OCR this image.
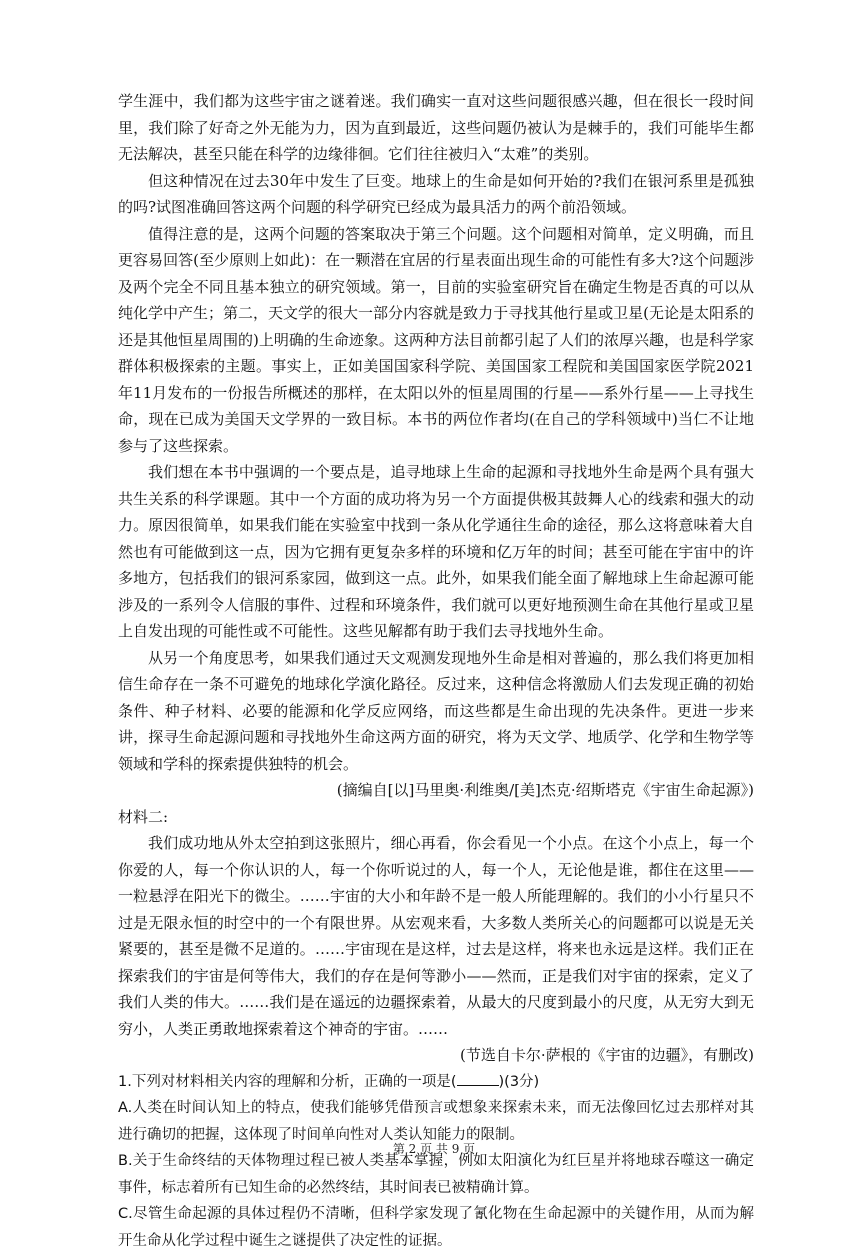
学生涯中，我们都为这些宇宙之谜着迷。我们确实一直对这些问题很感兴趣，但在很长一段时间里，我们除了好奇之外无能为力，因为直到最近，这些问题仍被认为是棘手的，我们可能毕生都无法解决，甚至只能在科学的边缘徘徊。它们往往被归入“太难”的类别。

但这种情况在过去30年中发生了巨变。地球上的生命是如何开始的?我们在银河系里是孤独的吗?试图准确回答这两个问题的科学研究已经成为最具活力的两个前沿领域。

值得注意的是，这两个问题的答案取决于第三个问题。这个问题相对简单，定义明确，而且更容易回答(至少原则上如此)：在一颗潜在宜居的行星表面出现生命的可能性有多大?这个问题涉及两个完全不同且基本独立的研究领域。第一，目前的实验室研究旨在确定生物是否真的可以从纯化学中产生；第二，天文学的很大一部分内容就是致力于寻找其他行星或卫星(无论是太阳系的还是其他恒星周围的)上明确的生命迹象。这两种方法目前都引起了人们的浓厚兴趣，也是科学家群体积极探索的主题。事实上，正如美国国家科学院、美国国家工程院和美国国家医学院2021年11月发布的一份报告所概述的那样，在太阳以外的恒星周围的行星——系外行星——上寻找生命，现在已成为美国天文学界的一致目标。本书的两位作者均(在自己的学科领域中)当仁不让地参与了这些探索。

我们想在本书中强调的一个要点是，追寻地球上生命的起源和寻找地外生命是两个具有强大共生关系的科学课题。其中一个方面的成功将为另一个方面提供极其鼓舞人心的线索和强大的动力。原因很简单，如果我们能在实验室中找到一条从化学通往生命的途径，那么这将意味着大自然也有可能做到这一点，因为它拥有更复杂多样的环境和亿万年的时间；甚至可能在宇宙中的许多地方，包括我们的银河系家园，做到这一点。此外，如果我们能全面了解地球上生命起源可能涉及的一系列令人信服的事件、过程和环境条件，我们就可以更好地预测生命在其他行星或卫星上自发出现的可能性或不可能性。这些见解都有助于我们去寻找地外生命。

从另一个角度思考，如果我们通过天文观测发现地外生命是相对普遍的，那么我们将更加相信生命存在一条不可避免的地球化学演化路径。反过来，这种信念将激励人们去发现正确的初始条件、种子材料、必要的能源和化学反应网络，而这些都是生命出现的先决条件。更进一步来讲，探寻生命起源问题和寻找地外生命这两方面的研究，将为天文学、地质学、化学和生物学等领域和学科的探索提供独特的机会。

(摘编自[以]马里奥·利维奥/[美]杰克·绍斯塔克《宇宙生命起源》)

材料二:

我们成功地从外太空拍到这张照片，细心再看，你会看见一个小点。在这个小点上，每一个你爱的人，每一个你认识的人，每一个你听说过的人，每一个人，无论他是谁，都住在这里——一粒悬浮在阳光下的微尘。……宇宙的大小和年龄不是一般人所能理解的。我们的小小行星只不过是无限永恒的时空中的一个有限世界。从宏观来看，大多数人类所关心的问题都可以说是无关紧要的，甚至是微不足道的。……宇宙现在是这样，过去是这样，将来也永远是这样。我们正在探索我们的宇宙是何等伟大，我们的存在是何等渺小——然而，正是我们对宇宙的探索，定义了我们人类的伟大。……我们是在遥远的边疆探索着，从最大的尺度到最小的尺度，从无穷大到无穷小，人类正勇敢地探索着这个神奇的宇宙。……

(节选自卡尔·萨根的《宇宙的边疆》，有删改)

1.下列对材料相关内容的理解和分析，正确的一项是(	)(3分)

A.人类在时间认知上的特点，使我们能够凭借预言或想象来探索未来，而无法像回忆过去那样对其进行确切的把握，这体现了时间单向性对人类认知能力的限制。

B.关于生命终结的天体物理过程已被人类基本掌握，例如太阳演化为红巨星并将地球吞噬这一确定事件，标志着所有已知生命的必然终结，其时间表已被精确计算。

C.尽管生命起源的具体过程仍不清晰，但科学家发现了氰化物在生命起源中的关键作用，从而为解开生命从化学过程中诞生之谜提供了决定性的证据。

第 2 页 共 9 页
